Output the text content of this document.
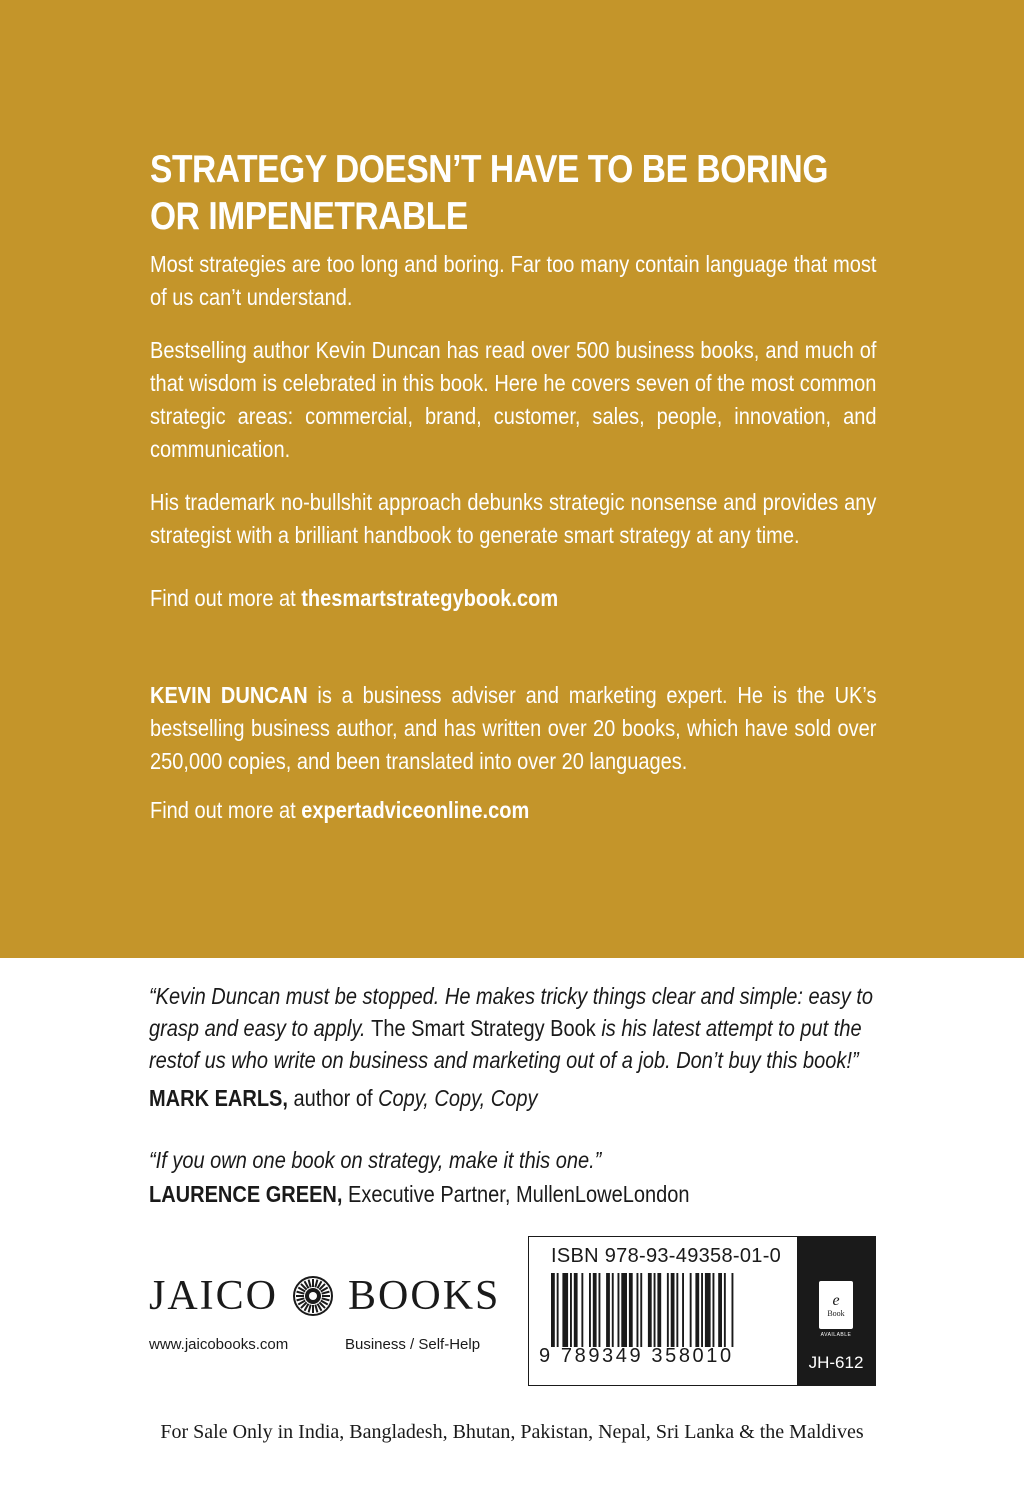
STRATEGY DOESN’T HAVE TO BE BORING
OR IMPENETRABLE
Most strategies are too long and boring. Far too many contain language that most of us can’t understand.
Bestselling author Kevin Duncan has read over 500 business books, and much of that wisdom is celebrated in this book. Here he covers seven of the most common strategic areas: commercial, brand, customer, sales, people, innovation, and communication.
His trademark no-bullshit approach debunks strategic nonsense and provides any strategist with a brilliant handbook to generate smart strategy at any time.
Find out more at thesmartstrategybook.com
KEVIN DUNCAN is a business adviser and marketing expert. He is the UK’s bestselling business author, and has written over 20 books, which have sold over 250,000 copies, and been translated into over 20 languages.
Find out more at expertadviceonline.com
“Kevin Duncan must be stopped. He makes tricky things clear and simple: easy to grasp and easy to apply. The Smart Strategy Book is his latest attempt to put the restof us who write on business and marketing out of a job. Don’t buy this book!”
MARK EARLS, author of Copy, Copy, Copy
“If you own one book on strategy, make it this one.”
LAURENCE GREEN, Executive Partner, MullenLoweLondon
JAICO BOOKS
www.jaicobooks.com	Business / Self-Help
ISBN 978-93-49358-01-0
9 789349 358010
e
Book
AVAILABLE
JH-612
For Sale Only in India, Bangladesh, Bhutan, Pakistan, Nepal, Sri Lanka & the Maldives
